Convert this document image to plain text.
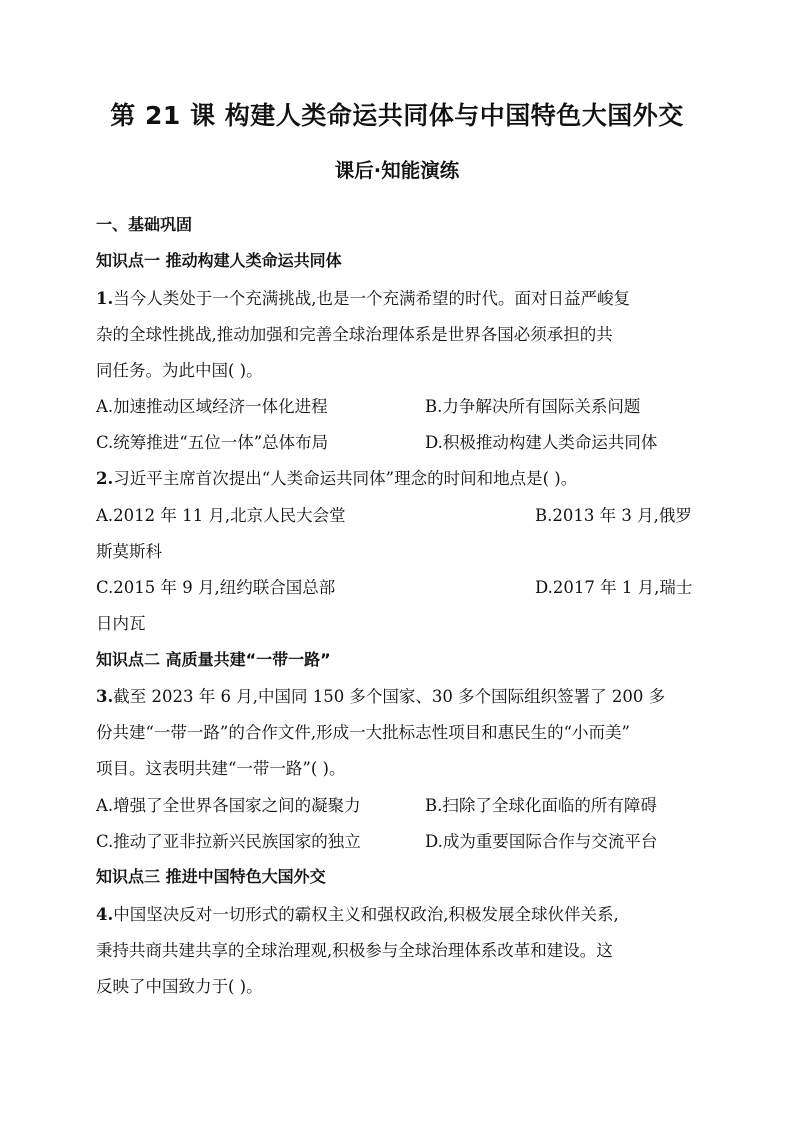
第 21 课 构建人类命运共同体与中国特色大国外交
课后·知能演练
一、基础巩固
知识点一 推动构建人类命运共同体
1.当今人类处于一个充满挑战,也是一个充满希望的时代。面对日益严峻复
杂的全球性挑战,推动加强和完善全球治理体系是世界各国必须承担的共
同任务。为此中国( )。
A.加速推动区域经济一体化进程	B.力争解决所有国际关系问题
C.统筹推进“五位一体”总体布局	D.积极推动构建人类命运共同体
2.习近平主席首次提出“人类命运共同体”理念的时间和地点是( )。
A.2012 年 11 月,北京人民大会堂	B.2013 年 3 月,俄罗
斯莫斯科
C.2015 年 9 月,纽约联合国总部	D.2017 年 1 月,瑞士
日内瓦
知识点二 高质量共建“一带一路”
3.截至 2023 年 6 月,中国同 150 多个国家、30 多个国际组织签署了 200 多
份共建“一带一路”的合作文件,形成一大批标志性项目和惠民生的“小而美”
项目。这表明共建“一带一路”( )。
A.增强了全世界各国家之间的凝聚力	B.扫除了全球化面临的所有障碍
C.推动了亚非拉新兴民族国家的独立	D.成为重要国际合作与交流平台
知识点三 推进中国特色大国外交
4.中国坚决反对一切形式的霸权主义和强权政治,积极发展全球伙伴关系,
秉持共商共建共享的全球治理观,积极参与全球治理体系改革和建设。这
反映了中国致力于( )。
